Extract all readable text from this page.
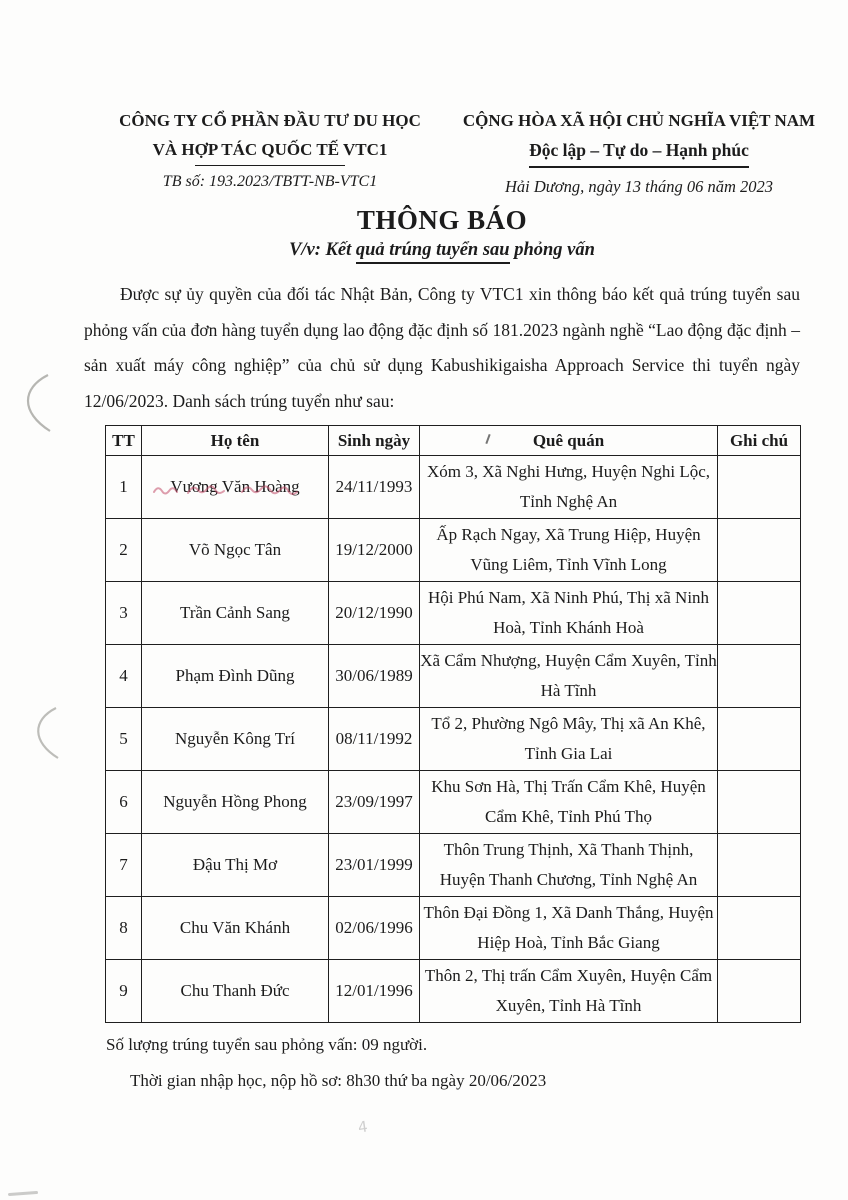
CÔNG TY CỔ PHẦN ĐẦU TƯ DU HỌC
VÀ HỢP TÁC QUỐC TẾ VTC1
TB số: 193.2023/TBTT-NB-VTC1
CỘNG HÒA XÃ HỘI CHỦ NGHĨA VIỆT NAM
Độc lập – Tự do – Hạnh phúc
Hải Dương, ngày 13 tháng 06 năm 2023
THÔNG BÁO
V/v: Kết quả trúng tuyển sau phỏng vấn

Được sự ủy quyền của đối tác Nhật Bản, Công ty VTC1 xin thông báo kết quả trúng tuyển sau phỏng vấn của đơn hàng tuyển dụng lao động đặc định số 181.2023 ngành nghề “Lao động đặc định – sản xuất máy công nghiệp” của chủ sử dụng Kabushikigaisha Approach Service thi tuyển ngày 12/06/2023. Danh sách trúng tuyển như sau:

TT	Họ tên	Sinh ngày	Quê quán	Ghi chú
1	Vương Văn Hoàng	24/11/1993	Xóm 3, Xã Nghi Hưng, Huyện Nghi Lộc, Tỉnh Nghệ An	
2	Võ Ngọc Tân	19/12/2000	Ấp Rạch Ngay, Xã Trung Hiệp, Huyện Vũng Liêm, Tỉnh Vĩnh Long	
3	Trần Cảnh Sang	20/12/1990	Hội Phú Nam, Xã Ninh Phú, Thị xã Ninh Hoà, Tỉnh Khánh Hoà	
4	Phạm Đình Dũng	30/06/1989	Xã Cẩm Nhượng, Huyện Cẩm Xuyên, Tỉnh Hà Tĩnh	
5	Nguyễn Kông Trí	08/11/1992	Tổ 2, Phường Ngô Mây, Thị xã An Khê, Tỉnh Gia Lai	
6	Nguyễn Hồng Phong	23/09/1997	Khu Sơn Hà, Thị Trấn Cẩm Khê, Huyện Cẩm Khê, Tỉnh Phú Thọ	
7	Đậu Thị Mơ	23/01/1999	Thôn Trung Thịnh, Xã Thanh Thịnh, Huyện Thanh Chương, Tỉnh Nghệ An	
8	Chu Văn Khánh	02/06/1996	Thôn Đại Đồng 1, Xã Danh Thắng, Huyện Hiệp Hoà, Tỉnh Bắc Giang	
9	Chu Thanh Đức	12/01/1996	Thôn 2, Thị trấn Cẩm Xuyên, Huyện Cẩm Xuyên, Tỉnh Hà Tĩnh	
Số lượng trúng tuyển sau phỏng vấn: 09 người.
Thời gian nhập học, nộp hồ sơ: 8h30 thứ ba ngày 20/06/2023
4
